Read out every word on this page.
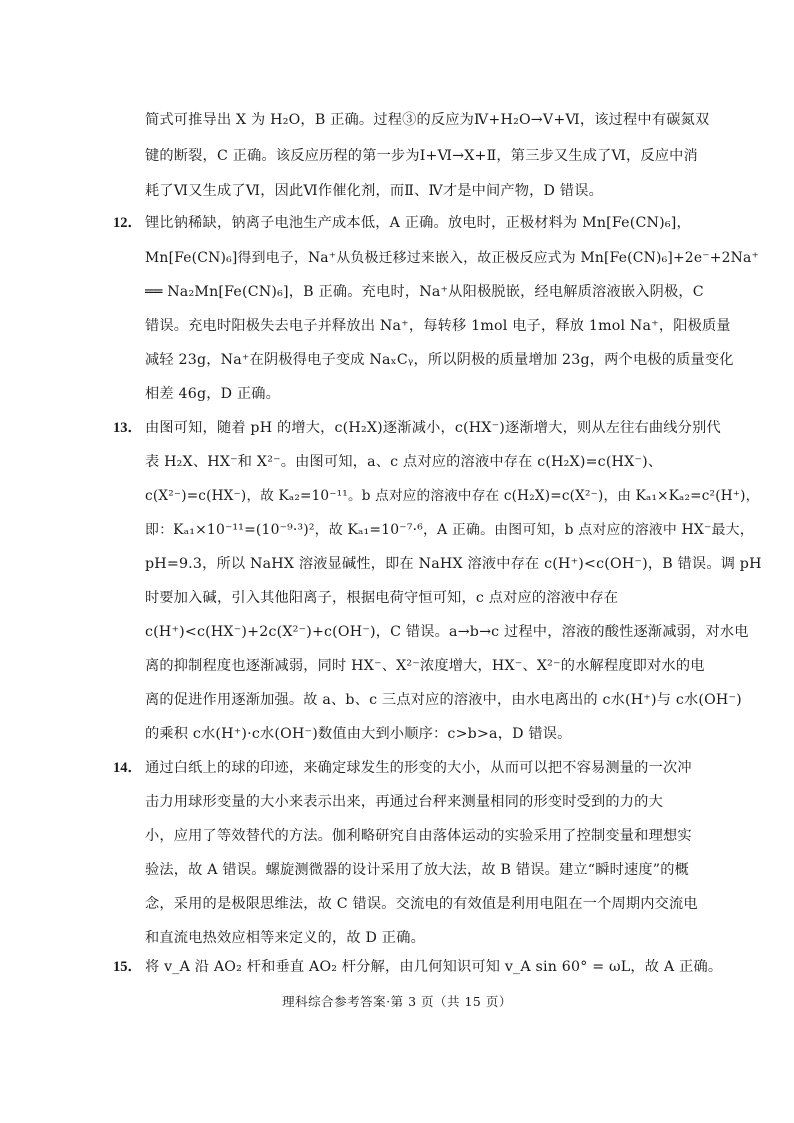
简式可推导出 X 为 H₂O，B 正确。过程③的反应为Ⅳ+H₂O→Ⅴ+Ⅵ，该过程中有碳氮双
键的断裂，C 正确。该反应历程的第一步为Ⅰ+Ⅵ→X+Ⅱ，第三步又生成了Ⅵ，反应中消
耗了Ⅵ又生成了Ⅵ，因此Ⅵ作催化剂，而Ⅱ、Ⅳ才是中间产物，D 错误。
12． 锂比钠稀缺，钠离子电池生产成本低，A 正确。放电时，正极材料为 Mn[Fe(CN)₆]，
Mn[Fe(CN)₆]得到电子，Na⁺从负极迁移过来嵌入，故正极反应式为 Mn[Fe(CN)₆]+2e⁻+2Na⁺
══ Na₂Mn[Fe(CN)₆]，B 正确。充电时，Na⁺从阳极脱嵌，经电解质溶液嵌入阴极，C
错误。充电时阳极失去电子并释放出 Na⁺，每转移 1mol 电子，释放 1mol Na⁺，阳极质量
减轻 23g，Na⁺在阴极得电子变成 NaₓCᵧ，所以阴极的质量增加 23g，两个电极的质量变化
相差 46g，D 正确。
13． 由图可知，随着 pH 的增大，c(H₂X)逐渐减小，c(HX⁻)逐渐增大，则从左往右曲线分别代
表 H₂X、HX⁻和 X²⁻。由图可知，a、c 点对应的溶液中存在 c(H₂X)=c(HX⁻)、
c(X²⁻)=c(HX⁻)，故 Kₐ₂=10⁻¹¹。b 点对应的溶液中存在 c(H₂X)=c(X²⁻)，由 Kₐ₁×Kₐ₂=c²(H⁺)，
即：Kₐ₁×10⁻¹¹=(10⁻⁹·³)²，故 Kₐ₁=10⁻⁷·⁶，A 正确。由图可知，b 点对应的溶液中 HX⁻最大，
pH=9.3，所以 NaHX 溶液显碱性，即在 NaHX 溶液中存在 c(H⁺)<c(OH⁻)，B 错误。调 pH
时要加入碱，引入其他阳离子，根据电荷守恒可知，c 点对应的溶液中存在
c(H⁺)<c(HX⁻)+2c(X²⁻)+c(OH⁻)，C 错误。a→b→c 过程中，溶液的酸性逐渐减弱，对水电
离的抑制程度也逐渐减弱，同时 HX⁻、X²⁻浓度增大，HX⁻、X²⁻的水解程度即对水的电
离的促进作用逐渐加强。故 a、b、c 三点对应的溶液中，由水电离出的 c水(H⁺)与 c水(OH⁻)
的乘积 c水(H⁺)·c水(OH⁻)数值由大到小顺序：c>b>a，D 错误。
14． 通过白纸上的球的印迹，来确定球发生的形变的大小，从而可以把不容易测量的一次冲
击力用球形变量的大小来表示出来，再通过台秤来测量相同的形变时受到的力的大
小，应用了等效替代的方法。伽利略研究自由落体运动的实验采用了控制变量和理想实
验法，故 A 错误。螺旋测微器的设计采用了放大法，故 B 错误。建立“瞬时速度”的概
念，采用的是极限思维法，故 C 错误。交流电的有效值是利用电阻在一个周期内交流电
和直流电热效应相等来定义的，故 D 正确。
15． 将 v_A 沿 AO₂ 杆和垂直 AO₂ 杆分解，由几何知识可知 v_A sin 60° = ωL，故 A 正确。
理科综合参考答案·第 3 页（共 15 页）
